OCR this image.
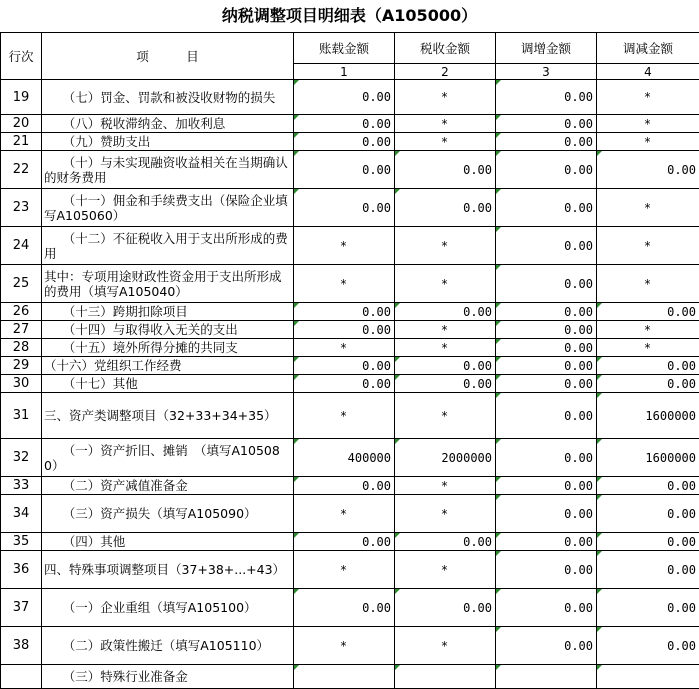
纳税调整项目明细表（A105000）
行次	项　　　目	账载金额	税收金额	调增金额	调减金额
		1	2	3	4
19	　　（七）罚金、罚款和被没收财物的损失	0.00	*	0.00	*
20	　　（八）税收滞纳金、加收利息	0.00	*	0.00	*
21	　　（九）赞助支出	0.00	*	0.00	*
22	　　（十）与未实现融资收益相关在当期确认的财务费用	0.00	0.00	0.00	0.00
23	　　（十一）佣金和手续费支出（保险企业填写A105060）	0.00	0.00	0.00	*
24	　　（十二）不征税收入用于支出所形成的费用	*	*	0.00	*
25	其中：专项用途财政性资金用于支出所形成的费用（填写A105040）	*	*	0.00	*
26	　　（十三）跨期扣除项目	0.00	0.00	0.00	0.00
27	　　（十四）与取得收入无关的支出	0.00	*	0.00	*
28	　　（十五）境外所得分摊的共同支	*	*	0.00	*
29	（十六）党组织工作经费	0.00	0.00	0.00	0.00
30	　　（十七）其他	0.00	0.00	0.00	0.00
31	三、资产类调整项目（32+33+34+35）	*	*	0.00	1600000
32	　　（一）资产折旧、摊销　（填写A105080）	400000	2000000	0.00	1600000
33	　　（二）资产减值准备金	0.00	*	0.00	0.00
34	　　（三）资产损失（填写A105090）	*	*	0.00	0.00
35	　　（四）其他	0.00	0.00	0.00	0.00
36	四、特殊事项调整项目（37+38+...+43）	*	*	0.00	0.00
37	　　（一）企业重组（填写A105100）	0.00	0.00	0.00	0.00
38	　　（二）政策性搬迁（填写A105110）	*	*	0.00	0.00
	　　（三）特殊行业准备金				
